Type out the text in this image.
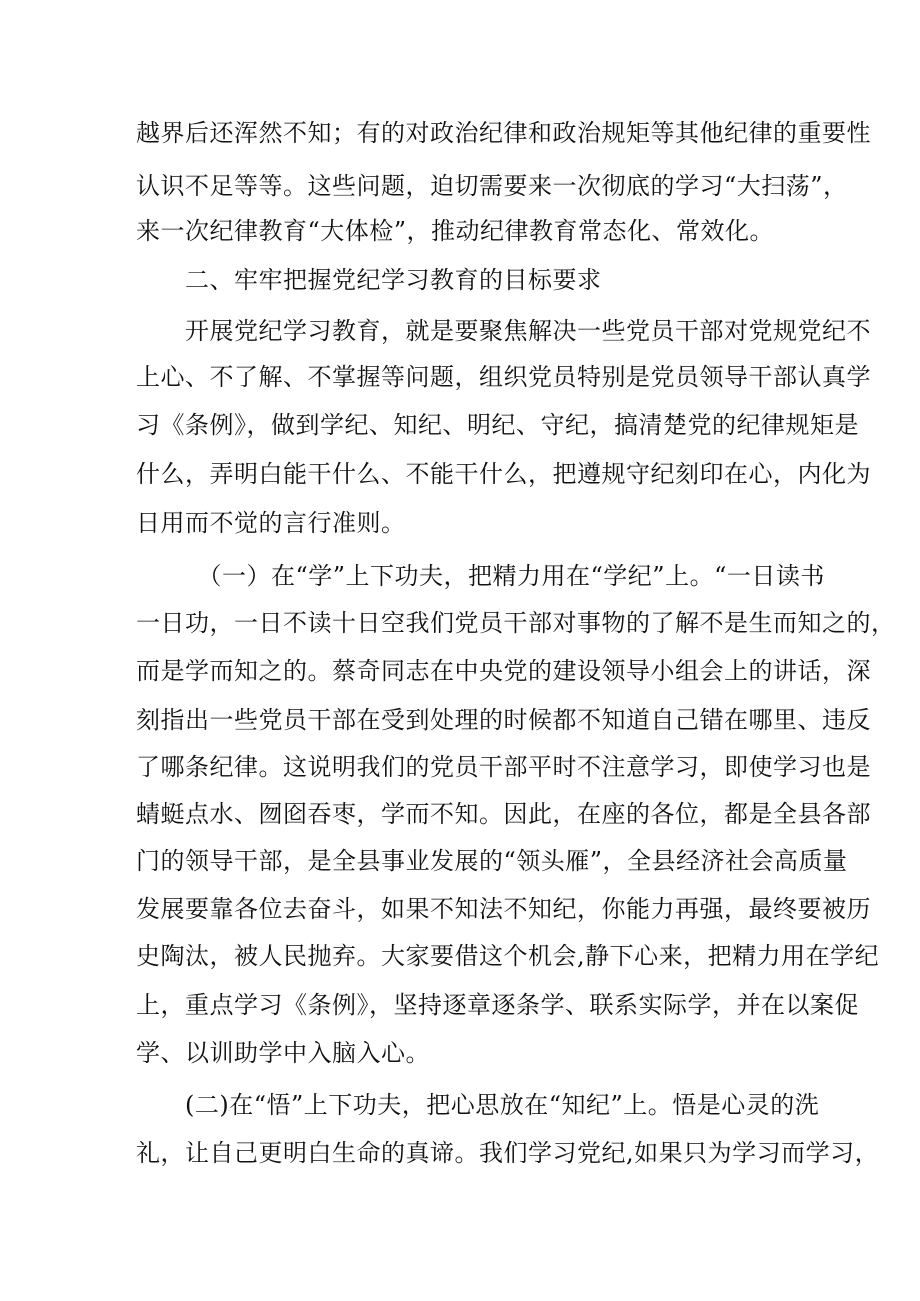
越界后还浑然不知；有的对政治纪律和政治规矩等其他纪律的重要性

认识不足等等。这些问题，迫切需要来一次彻底的学习“大扫荡”，

来一次纪律教育“大体检”，推动纪律教育常态化、常效化。

　　二、牢牢把握党纪学习教育的目标要求

　　开展党纪学习教育，就是要聚焦解决一些党员干部对党规党纪不

上心、不了解、不掌握等问题，组织党员特别是党员领导干部认真学

习《条例》，做到学纪、知纪、明纪、守纪，搞清楚党的纪律规矩是

什么，弄明白能干什么、不能干什么，把遵规守纪刻印在心，内化为

日用而不觉的言行准则。

　　　（一）在“学”上下功夫，把精力用在“学纪”上。“一日读书

一日功，一日不读十日空我们党员干部对事物的了解不是生而知之的，

而是学而知之的。蔡奇同志在中央党的建设领导小组会上的讲话，深

刻指出一些党员干部在受到处理的时候都不知道自己错在哪里、违反

了哪条纪律。这说明我们的党员干部平时不注意学习，即使学习也是

蜻蜓点水、囫囵吞枣，学而不知。因此，在座的各位，都是全县各部

门的领导干部，是全县事业发展的“领头雁”，全县经济社会高质量

发展要靠各位去奋斗，如果不知法不知纪，你能力再强，最终要被历

史陶汰，被人民抛弃。大家要借这个机会,静下心来，把精力用在学纪

上，重点学习《条例》，坚持逐章逐条学、联系实际学，并在以案促

学、以训助学中入脑入心。

　　(二)在“悟”上下功夫，把心思放在“知纪”上。悟是心灵的洗

礼，让自己更明白生命的真谛。我们学习党纪,如果只为学习而学习，
